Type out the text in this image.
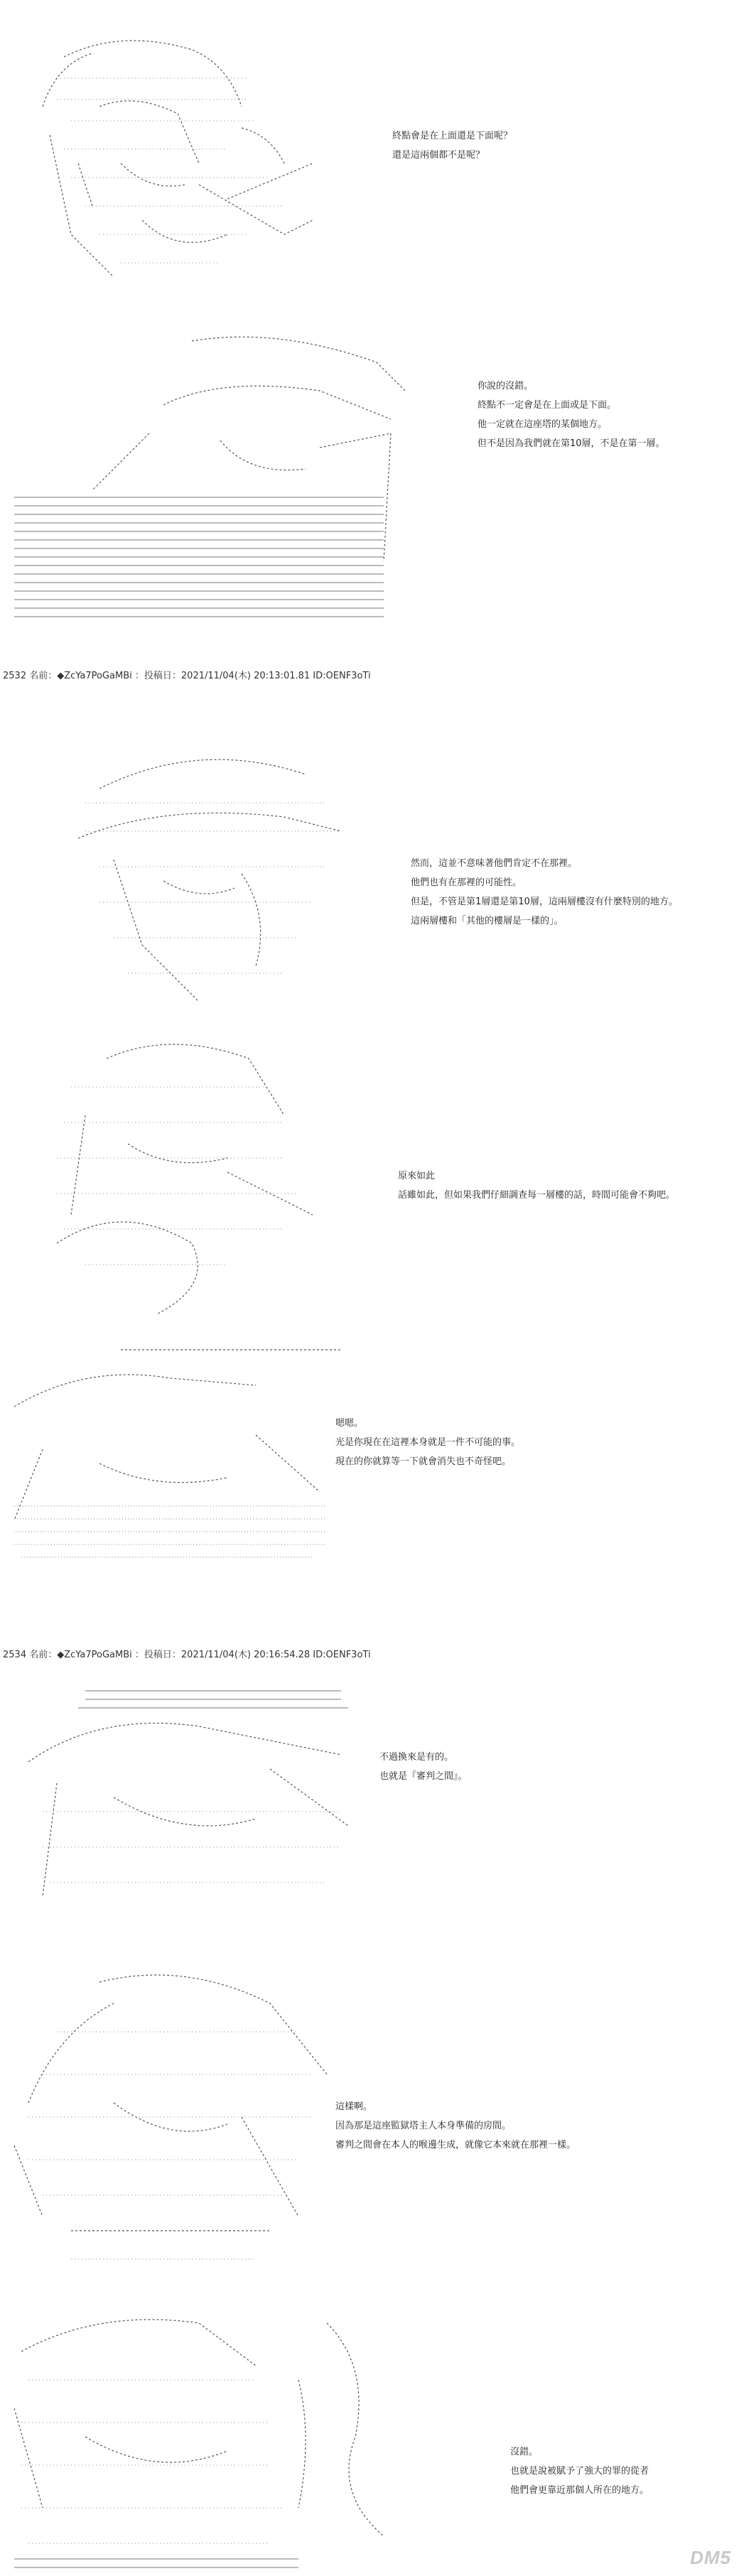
終點會是在上面還是下面呢？
還是這兩個都不是呢？
你說的沒錯。
終點不一定會是在上面或是下面。
他一定就在這座塔的某個地方。
但不是因為我們就在第10層，不是在第一層。
2532 名前：◆ZcYa7PoGaMBi ：投稿日：2021/11/04(木) 20:13:01.81 ID:OENF3oTi
然而，這並不意味著他們肯定不在那裡。
他們也有在那裡的可能性。
但是，不管是第1層還是第10層，這兩層樓沒有什麼特別的地方。
這兩層樓和「其他的樓層是一樣的」。
原來如此
話雖如此，但如果我們仔細調查每一層樓的話，時間可能會不夠吧。
嗯嗯。
光是你現在在這裡本身就是一件不可能的事。
現在的你就算等一下就會消失也不奇怪吧。
2534 名前：◆ZcYa7PoGaMBi ：投稿日：2021/11/04(木) 20:16:54.28 ID:OENF3oTi
不過換來是有的。
也就是『審判之間』。
這樣啊。
因為那是這座監獄塔主人本身準備的房間。
審判之間會在本人的喉邊生成，就像它本來就在那裡一樣。
沒錯。
也就是說被賦予了強大的罪的從者
他們會更靠近那個人所在的地方。
DM5
